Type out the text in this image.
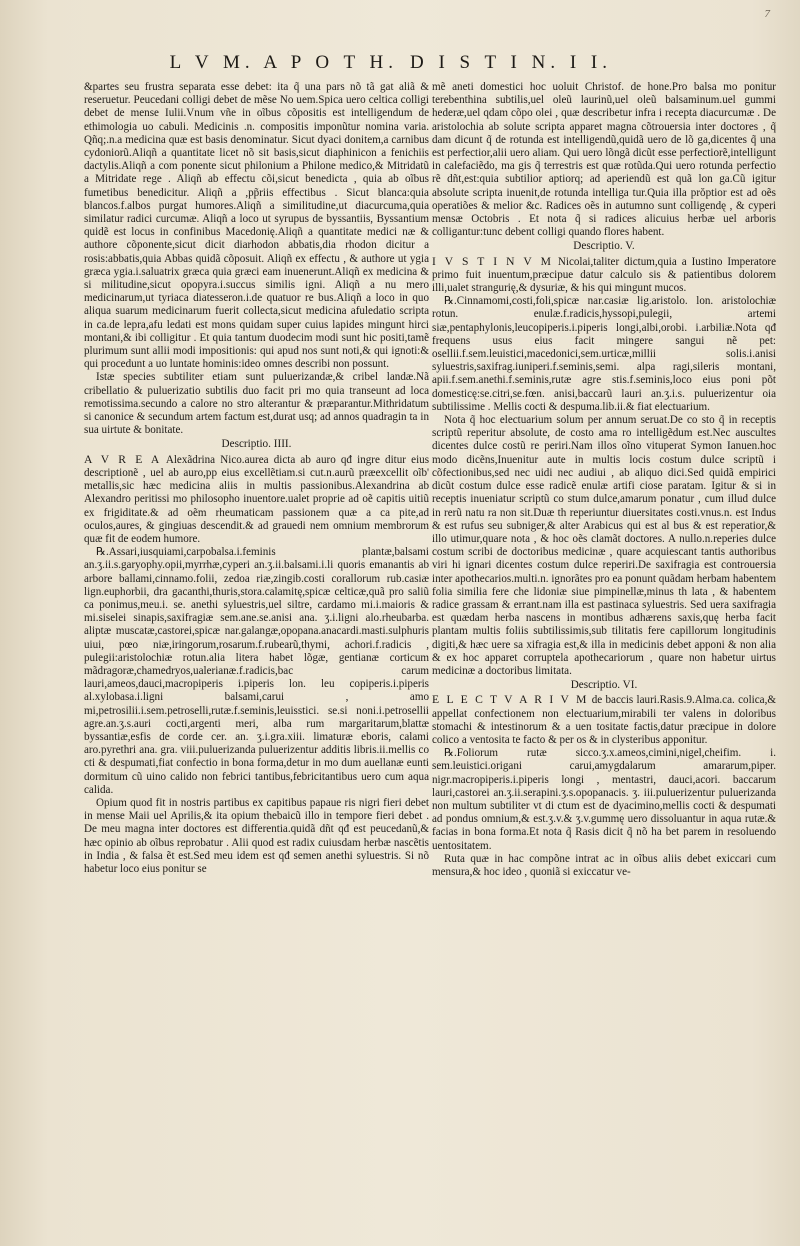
7
L V M. A P O T H. D I S T I N. I I.

&partes seu frustra separata esse debet: ita q̃ una pars nõ tã gat aliã & reseruetur. Peucedani colligi debet de mẽse No uem.Spica uero celtica colligi debet de mense Iulii.Vnum vñe in oĩbus cõpositis est intelligendum de ethimologia uo cabuli. Medicinis .n. compositis imponũtur nomina varia. Qñq;.n.a medicina quæ est basis denominatur. Sicut dyaci donitem,a carnibus cydoniorũ.Aliqñ a quantitate licet nõ sit basis,sicut diaphinicon a fenichiis dactylis.Aliqñ a com ponente sicut philonium a Philone medico,& Mitridatũ a Mitridate rege . Aliqñ ab effectu cõi,sicut benedicta , quia ab oĩbus fumetibus benedicitur. Aliqñ a ,pp̃riis effectibus . Sicut blanca:quia blancos.f.albos purgat humores.Aliqñ a similitudine,ut diacurcuma,quia similatur radici curcumæ. Aliqñ a loco ut syrupus de byssantiis, Byssantium quidẽ est locus in confinibus Macedonię.Aliqñ a quantitate medici næ & authore cõponente,sicut dicit diarhodon abbatis,dia rhodon dicitur a rosis:abbatis,quia Abbas quidã cõposuit. Aliqñ ex effectu , & authore ut ygia græca ygia.i.saluatrix græca quia græci eam inuenerunt.Aliqñ ex medicina & si militudine,sicut opopyra.i.succus similis igni. Aliqñ a nu mero medicinarum,ut tyriaca diatesseron.i.de quatuor re bus.Aliqñ a loco in quo aliqua suarum medicinarum fuerit collecta,sicut medicina afuledatio scripta in ca.de lepra,afu ledati est mons quidam super cuius lapides mingunt hirci montani,& ibi colligitur . Et quia tantum duodecim modi sunt hic positi,tamẽ plurimum sunt allii modi impositionis: qui apud nos sunt noti,& qui ignoti:& qui procedunt a uo luntate hominis:ideo omnes describi non possunt.

Istæ species subtiliter etiam sunt puluerizandæ,& cribel landæ.Nã cribellatio & puluerizatio subtilis duo facit pri mo quia transeunt ad loca remotissima.secundo a calore no stro alterantur & præparantur.Mithridatum si canonice & secundum artem factum est,durat usq; ad annos quadragin ta in sua uirtute & bonitate.

Descriptio. IIII.

A V R E A Alexãdrina Nico.aurea dicta ab auro qđ ingre ditur eius descriptionẽ , uel ab auro,pp eius excellẽtiam.si cut.n.aurũ præexcellit oĩb' metallis,sic hæc medicina aliis in multis passionibus.Alexandrina ab Alexandro peritissi mo philosopho inuentore.ualet proprie ad oẽ capitis uitiũ ex frigiditate.& ad oẽm rheumaticam passionem quæ a ca pite,ad oculos,aures, & gingiuas descendit.& ad grauedi nem omnium membrorum quæ fit de eodem humore.

℞.Assari,iusquiami,carpobalsa.i.feminis plantæ,balsami an.ʒ.ii.s.garyophy.opii,myrrhæ,cyperi an.ʒ.ii.balsami.i.li quoris emanantis ab arbore ballami,cinnamo.folii, zedoa riæ,zingib.costi corallorum rub.casiæ lign.euphorbii, dra gacanthi,thuris,stora.calamitę,spicæ celticæ,quã pro saliũ ca ponimus,meu.i. se. anethi syluestris,uel siltre, cardamo mi.i.maioris & mi.siselei sinapis,saxifragiæ sem.ane.se.anisi ana. ʒ.i.ligni alo.rheubarba. aliptæ muscatæ,castorei,spicæ nar.galangæ,opopana.anacardi.masti.sulphuris uiui, pœo niæ,iringorum,rosarum.f.rubearũ,thymi, achori.f.radicis , pulegii:aristolochiæ rotun.alia litera habet lõgæ, gentianæ corticum mãdragoræ,chamedryos,ualerianæ.f.radicis,bac carum lauri,ameos,dauci,macropiperis i.piperis lon. leu copiperis.i.piperis al.xylobasa.i.ligni balsami,carui , amo mi,petrosilii.i.sem.petroselli,rutæ.f.seminis,leuisstici. se.si noni.i.petrosellii agre.an.ʒ.s.auri cocti,argenti meri, alba rum margaritarum,blattæ byssantiæ,esfis de corde cer. an. ʒ.i.gra.xiii. limaturæ eboris, calami aro.pyrethri ana. gra. viii.puluerizanda puluerizentur additis libris.ii.mellis co cti & despumati,fiat confectio in bona forma,detur in mo dum auellanæ eunti dormitum cũ uino calido non febrici tantibus,febricitantibus uero cum aqua calida.

Opium quod fit in nostris partibus ex capitibus papaue ris nigri fieri debet in mense Maii uel Aprilis,& ita opium thebaicũ illo in tempore fieri debet . De meu magna inter doctores est differentia.quidã dñt qđ est peucedanũ,& hæc opinio ab oĩbus reprobatur . Alii quod est radix cuiusdam herbæ nascẽtis in India , & falsa ẽt est.Sed meu idem est qđ semen anethi syluestris. Si nõ habetur loco eius ponitur se

mẽ aneti domestici hoc uoluit Christof. de hone.Pro balsa mo ponitur terebenthina subtilis,uel oleũ laurinũ,uel oleũ balsaminum.uel gummi hederæ,uel qdam cõpo olei , quæ describetur infra i recepta diacurcumæ . De aristolochia ab solute scripta apparet magna cõtrouersia inter doctores , q̃ dam dicunt q̃ de rotunda est intelligendũ,quidã uero de lõ ga,dicentes q̃ una est perfectior,alii uero aliam. Qui uero lõngã dicũt esse perfectiorẽ,intelligunt in calefaciẽdo, ma gis q̃ terrestris est quæ rotũda.Qui uero rotunda perfectio rẽ dñt,est:quia subtilior aptiorq; ad aperiendũ est quã lon ga.Cũ igitur absolute scripta inuenit,de rotunda intelliga tur.Quia illa prŏptior est ad oẽs operatiões & melior &c. Radices oẽs in autumno sunt colligendę , & cyperi mensæ Octobris . Et nota q̃ si radices alicuius herbæ uel arboris colligantur:tunc debent colligi quando flores habent.

Descriptio. V.

I V S T I N V M Nicolai,taliter dictum,quia a Iustino Imperatore primo fuit inuentum,præcipue datur calculo sis & patientibus dolorem illi,ualet strangurię,& dysuriæ, & his qui mingunt mucos.

℞.Cinnamomi,costi,foli,spicæ nar.casiæ lig.aristolo. lon. aristolochiæ rotun. enulæ.f.radicis,hyssopi,pulegii, artemi siæ,pentaphylonis,leucopiperis.i.piperis longi,albi,orobi. i.arbiliæ.Nota qđ frequens usus eius facit mingere sangui nẽ pet: osellii.f.sem.leuistici,macedonici,sem.urticæ,millii solis.i.anisi syluestris,saxifrag.iuniperi.f.seminis,semi. alpa ragi,sileris montani, apii.f.sem.anethi.f.seminis,rutæ agre stis.f.seminis,loco eius poni põt domesticę:se.citri,se.fœn. anisi,baccarũ lauri an.ʒ.i.s. puluerizentur oia subtilissime . Mellis cocti & despuma.lib.ii.& fiat electuarium.

Nota q̃ hoc electuarium solum per annum seruat.De co sto q̃ in receptis scriptũ reperitur absolute, de costo ama ro intelligẽdum est.Nec auscultes dicentes dulce costũ re periri.Nam illos oĩno vituperat Symon Ianuen.hoc modo dicẽns,Inuenitur aute in multis locis costum dulce scriptũ i cõfectionibus,sed nec uidi nec audiui , ab aliquo dici.Sed quidã empirici dicũt costum dulce esse radicẽ enulæ artifi ciose paratam. Igitur & si in receptis inueniatur scriptũ co stum dulce,amarum ponatur , cum illud dulce in rerũ natu ra non sit.Duæ th reperiuntur diuersitates costi.vnus.n. est Indus & est rufus seu subniger,& alter Arabicus qui est al bus & est reperatior,& illo utimur,quare nota , & hoc oẽs clamãt doctores. A nullo.n.reperies dulce costum scribi de doctoribus medicinæ , quare acquiescant tantis authoribus viri hi ignari dicentes costum dulce reperiri.De saxifragia est controuersia inter apothecarios.multi.n. ignorãtes pro ea ponunt quãdam herbam habentem folia similia fere che lidoniæ siue pimpinellæ,minus th lata , & habentem radice grassam & errant.nam illa est pastinaca syluestris. Sed uera saxifragia est quædam herba nascens in montibus adhærens saxis,quę herba facit plantam multis foliis subtilissimis,sub tilitatis fere capillorum longitudinis digiti,& hæc uere sa xifragia est,& illa in medicinis debet apponi & non alia & ex hoc apparet corruptela apothecariorum , quare non habetur uirtus medicinæ a doctoribus limitata.

Descriptio. VI.

E L E C T V A R I V M de baccis lauri.Rasis.9.Alma.ca. colica,& appellat confectionem non electuarium,mirabili ter valens in doloribus stomachi & intestinorum & a uen tositate factis,datur præcipue in dolore colico a ventosita te facto & per os & in clysteribus apponitur.

℞.Foliorum rutæ sicco.ʒ.x.ameos,cimini,nigel,cheifim. i. sem.leuistici.origani carui,amygdalarum amararum,piper. nigr.macropiperis.i.piperis longi , mentastri, dauci,acori. baccarum lauri,castorei an.ʒ.ii.serapini.ʒ.s.opopanacis. ʒ. iii.puluerizentur puluerizanda non multum subtiliter vt di ctum est de dyacimino,mellis cocti & despumati ad pondus omnium,& est.ʒ.v.& ʒ.v.gummę uero dissoluantur in aqua rutæ.& facias in bona forma.Et nota q̃ Rasis dicit q̃ nõ ha bet parem in resoluendo uentositatem.

Ruta quæ in hac compõne intrat ac in oĩbus aliis debet exiccari cum mensura,& hoc ideo , quoniã si exiccatur ve-
